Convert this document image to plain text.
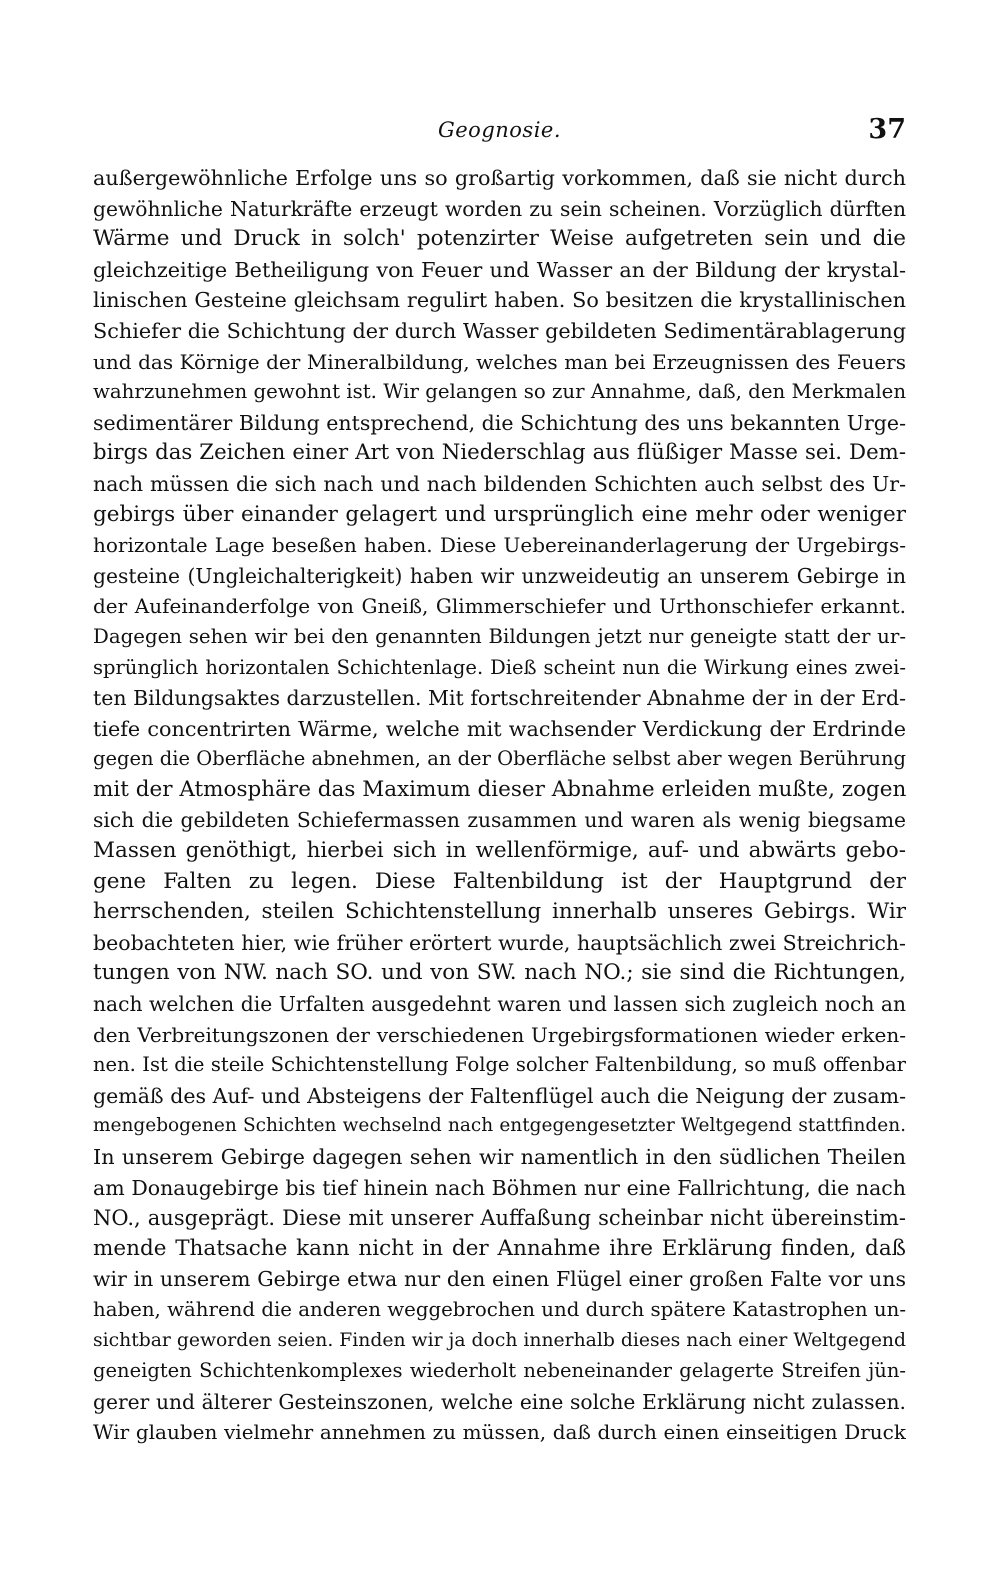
Geognosie.	37
außergewöhnliche Erfolge uns so großartig vorkommen, daß sie nicht durch
gewöhnliche Naturkräfte erzeugt worden zu sein scheinen. Vorzüglich dürften
Wärme und Druck in solch' potenzirter Weise aufgetreten sein und die
gleichzeitige Betheiligung von Feuer und Wasser an der Bildung der krystal-
linischen Gesteine gleichsam regulirt haben. So besitzen die krystallinischen
Schiefer die Schichtung der durch Wasser gebildeten Sedimentärablagerung
und das Körnige der Mineralbildung, welches man bei Erzeugnissen des Feuers
wahrzunehmen gewohnt ist. Wir gelangen so zur Annahme, daß, den Merkmalen
sedimentärer Bildung entsprechend, die Schichtung des uns bekannten Urge-
birgs das Zeichen einer Art von Niederschlag aus flüßiger Masse sei. Dem-
nach müssen die sich nach und nach bildenden Schichten auch selbst des Ur-
gebirgs über einander gelagert und ursprünglich eine mehr oder weniger
horizontale Lage beseßen haben. Diese Uebereinanderlagerung der Urgebirgs-
gesteine (Ungleichalterigkeit) haben wir unzweideutig an unserem Gebirge in
der Aufeinanderfolge von Gneiß, Glimmerschiefer und Urthonschiefer erkannt.
Dagegen sehen wir bei den genannten Bildungen jetzt nur geneigte statt der ur-
sprünglich horizontalen Schichtenlage. Dieß scheint nun die Wirkung eines zwei-
ten Bildungsaktes darzustellen. Mit fortschreitender Abnahme der in der Erd-
tiefe concentrirten Wärme, welche mit wachsender Verdickung der Erdrinde
gegen die Oberfläche abnehmen, an der Oberfläche selbst aber wegen Berührung
mit der Atmosphäre das Maximum dieser Abnahme erleiden mußte, zogen
sich die gebildeten Schiefermassen zusammen und waren als wenig biegsame
Massen genöthigt, hierbei sich in wellenförmige, auf- und abwärts gebo-
gene Falten zu legen. Diese Faltenbildung ist der Hauptgrund der
herrschenden, steilen Schichtenstellung innerhalb unseres Gebirgs. Wir
beobachteten hier, wie früher erörtert wurde, hauptsächlich zwei Streichrich-
tungen von NW. nach SO. und von SW. nach NO.; sie sind die Richtungen,
nach welchen die Urfalten ausgedehnt waren und lassen sich zugleich noch an
den Verbreitungszonen der verschiedenen Urgebirgsformationen wieder erken-
nen. Ist die steile Schichtenstellung Folge solcher Faltenbildung, so muß offenbar
gemäß des Auf- und Absteigens der Faltenflügel auch die Neigung der zusam-
mengebogenen Schichten wechselnd nach entgegengesetzter Weltgegend stattfinden.
In unserem Gebirge dagegen sehen wir namentlich in den südlichen Theilen
am Donaugebirge bis tief hinein nach Böhmen nur eine Fallrichtung, die nach
NO., ausgeprägt. Diese mit unserer Auffaßung scheinbar nicht übereinstim-
mende Thatsache kann nicht in der Annahme ihre Erklärung finden, daß
wir in unserem Gebirge etwa nur den einen Flügel einer großen Falte vor uns
haben, während die anderen weggebrochen und durch spätere Katastrophen un-
sichtbar geworden seien. Finden wir ja doch innerhalb dieses nach einer Weltgegend
geneigten Schichtenkomplexes wiederholt nebeneinander gelagerte Streifen jün-
gerer und älterer Gesteinszonen, welche eine solche Erklärung nicht zulassen.
Wir glauben vielmehr annehmen zu müssen, daß durch einen einseitigen Druck
